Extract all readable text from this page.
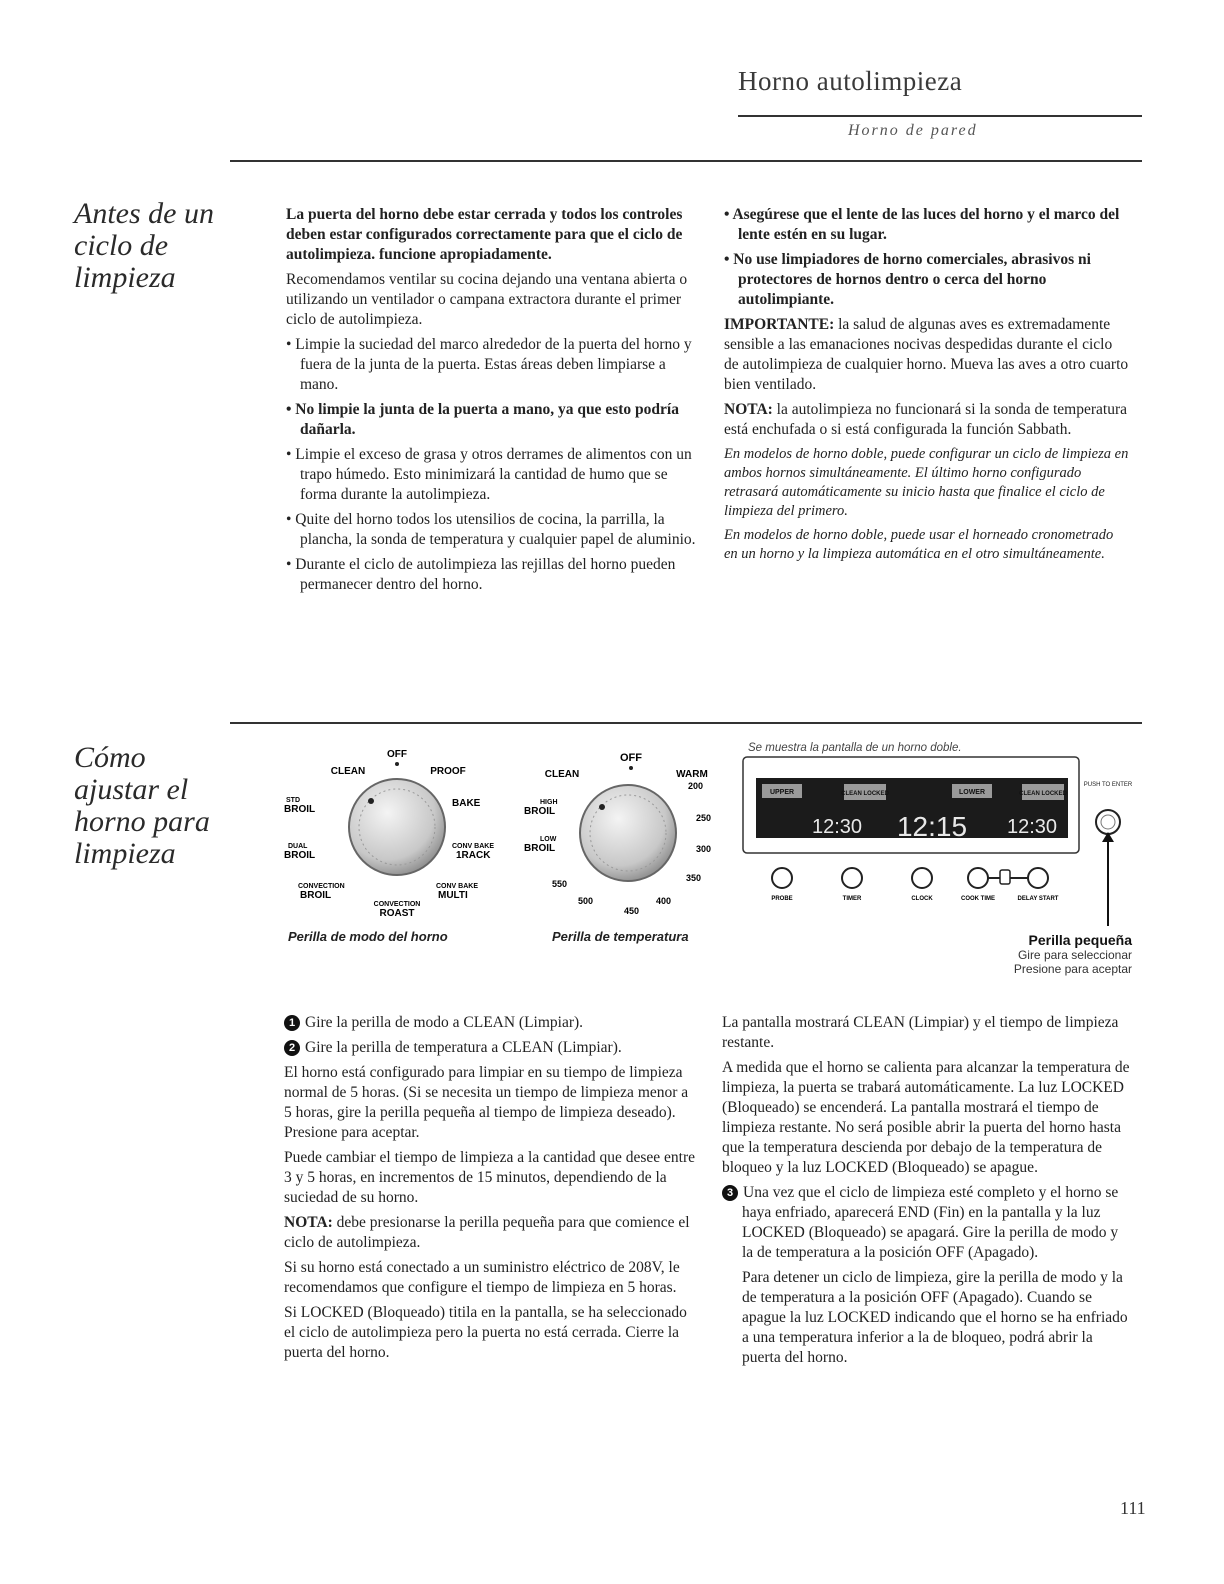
Horno autolimpieza
Horno de pared
Antes de un
ciclo de
limpieza

La puerta del horno debe estar cerrada y todos los controles deben estar configurados correctamente para que el ciclo de autolimpieza. funcione apropiadamente.

Recomendamos ventilar su cocina dejando una ventana abierta o utilizando un ventilador o campana extractora durante el primer ciclo de autolimpieza.

• Limpie la suciedad del marco alrededor de la puerta del horno y fuera de la junta de la puerta. Estas áreas deben limpiarse a mano.

• No limpie la junta de la puerta a mano, ya que esto podría dañarla.

• Limpie el exceso de grasa y otros derrames de alimentos con un trapo húmedo. Esto minimizará la cantidad de humo que se forma durante la autolimpieza.

• Quite del horno todos los utensilios de cocina, la parrilla, la plancha, la sonda de temperatura y cualquier papel de aluminio.

• Durante el ciclo de autolimpieza las rejillas del horno pueden permanecer dentro del horno.

• Asegúrese que el lente de las luces del horno y el marco del lente estén en su lugar.

• No use limpiadores de horno comerciales, abrasivos ni protectores de hornos dentro o cerca del horno autolimpiante.

IMPORTANTE: la salud de algunas aves es extremadamente sensible a las emanaciones nocivas despedidas durante el ciclo de autolimpieza de cualquier horno. Mueva las aves a otro cuarto bien ventilado.

NOTA: la autolimpieza no funcionará si la sonda de temperatura está enchufada o si está configurada la función Sabbath.

En modelos de horno doble, puede configurar un ciclo de limpieza en ambos hornos simultáneamente. El último horno configurado retrasará automáticamente su inicio hasta que finalice el ciclo de limpieza del primero.

En modelos de horno doble, puede usar el horneado cronometrado en un horno y la limpieza automática en el otro simultáneamente.

Cómo
ajustar el
horno para
limpieza
OFF
CLEAN	PROOF
STD
BROIL
BAKE
DUAL
BROIL
CONV BAKE
1RACK
CONVECTION
BROIL
CONV BAKE
MULTI
CONVECTION
ROAST
Perilla de modo del horno
OFF
CLEAN	WARM
200
HIGH
BROIL
250
LOW
BROIL	300
350
550
400
450
500
Perilla de temperatura
Se muestra la pantalla de un horno doble.
UPPER	CLEAN LOCKED	LOWER	CLEAN LOCKED
12:30 12:15 12:30
PUSH TO ENTER
PROBE	TIMER	CLOCK	COOK TIME	DELAY START
Perilla pequeña
Gire para seleccionar
Presione para aceptar

1 Gire la perilla de modo a CLEAN (Limpiar).

2 Gire la perilla de temperatura a CLEAN (Limpiar).

El horno está configurado para limpiar en su tiempo de limpieza normal de 5 horas. (Si se necesita un tiempo de limpieza menor a 5 horas, gire la perilla pequeña al tiempo de limpieza deseado). Presione para aceptar.

Puede cambiar el tiempo de limpieza a la cantidad que desee entre 3 y 5 horas, en incrementos de 15 minutos, dependiendo de la suciedad de su horno.

NOTA: debe presionarse la perilla pequeña para que comience el ciclo de autolimpieza.

Si su horno está conectado a un suministro eléctrico de 208V, le recomendamos que configure el tiempo de limpieza en 5 horas.

Si LOCKED (Bloqueado) titila en la pantalla, se ha seleccionado el ciclo de autolimpieza pero la puerta no está cerrada. Cierre la puerta del horno.

La pantalla mostrará CLEAN (Limpiar) y el tiempo de limpieza restante.

A medida que el horno se calienta para alcanzar la temperatura de limpieza, la puerta se trabará automáticamente. La luz LOCKED (Bloqueado) se encenderá. La pantalla mostrará el tiempo de limpieza restante. No será posible abrir la puerta del horno hasta que la temperatura descienda por debajo de la temperatura de bloqueo y la luz LOCKED (Bloqueado) se apague.

3 Una vez que el ciclo de limpieza esté completo y el horno se haya enfriado, aparecerá END (Fin) en la pantalla y la luz LOCKED (Bloqueado) se apagará. Gire la perilla de modo y la de temperatura a la posición OFF (Apagado).

Para detener un ciclo de limpieza, gire la perilla de modo y la de temperatura a la posición OFF (Apagado). Cuando se apague la luz LOCKED indicando que el horno se ha enfriado a una temperatura inferior a la de bloqueo, podrá abrir la puerta del horno.

111
